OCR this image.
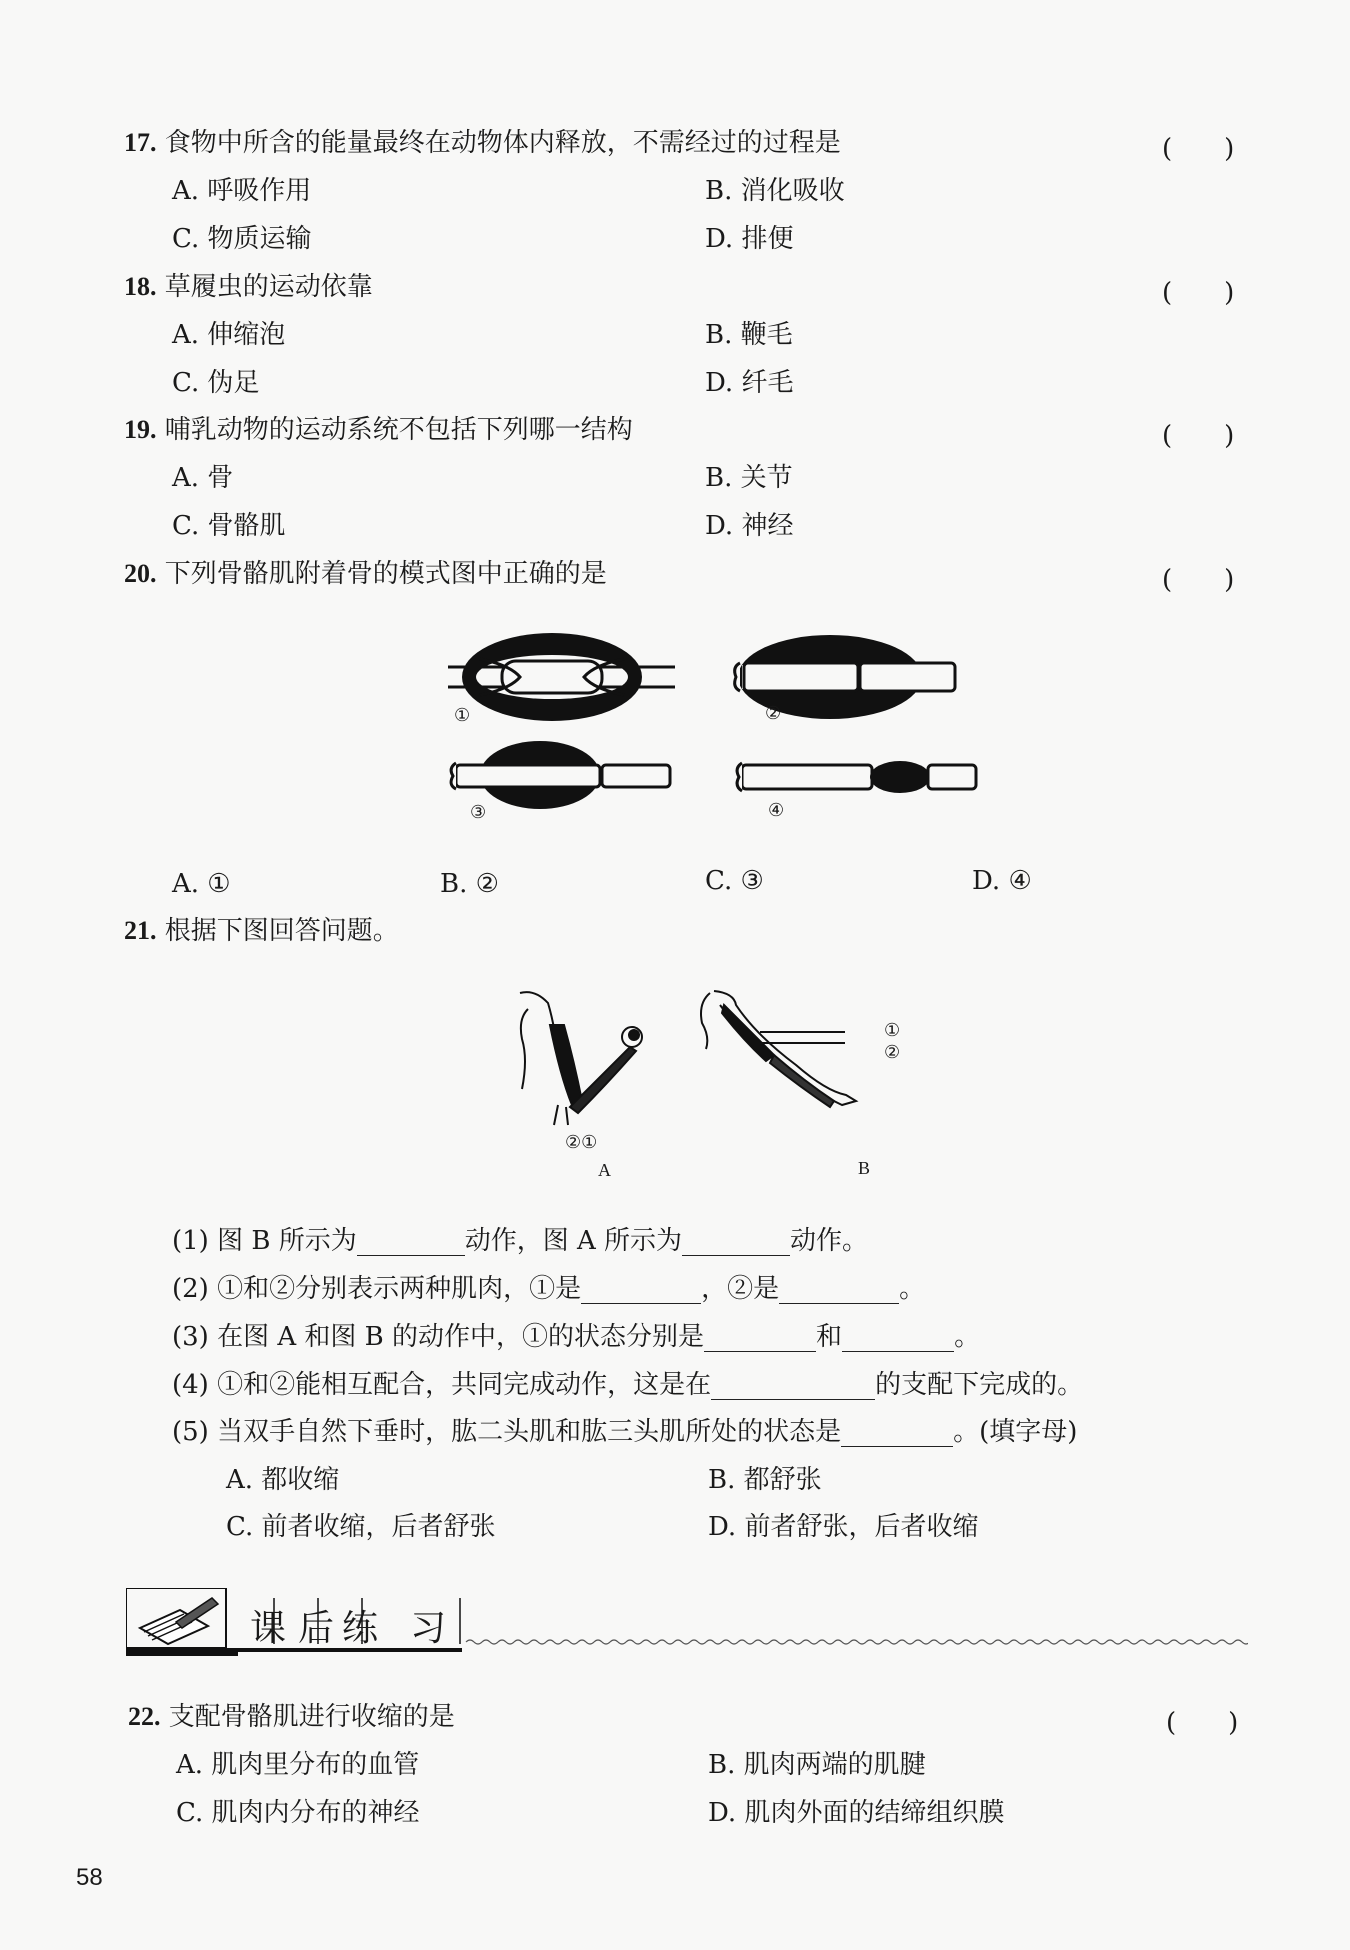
17. 食物中所含的能量最终在动物体内释放，不需经过的过程是	(　　)
A. 呼吸作用	B. 消化吸收
C. 物质运输	D. 排便
18. 草履虫的运动依靠	(　　)
A. 伸缩泡	B. 鞭毛
C. 伪足	D. 纤毛
19. 哺乳动物的运动系统不包括下列哪一结构	(　　)
A. 骨	B. 关节
C. 骨骼肌	D. 神经
20. 下列骨骼肌附着骨的模式图中正确的是	(　　)
①	②
③	④
A. ①	B. ②	C. ③	D. ④
21. 根据下图回答问题。
②①
A	B
①
②
(1) 图 B 所示为	动作，图 A 所示为	动作。
(2) ①和②分别表示两种肌肉，①是	，②是	。
(3) 在图 A 和图 B 的动作中，①的状态分别是	和	。
(4) ①和②能相互配合，共同完成动作，这是在	的支配下完成的。
(5) 当双手自然下垂时，肱二头肌和肱三头肌所处的状态是	。(填字母)
A. 都收缩	B. 都舒张
C. 前者收缩，后者舒张	D. 前者舒张，后者收缩
课 后 练 习
22. 支配骨骼肌进行收缩的是	(　　)
A. 肌肉里分布的血管	B. 肌肉两端的肌腱
C. 肌肉内分布的神经	D. 肌肉外面的结缔组织膜
58
